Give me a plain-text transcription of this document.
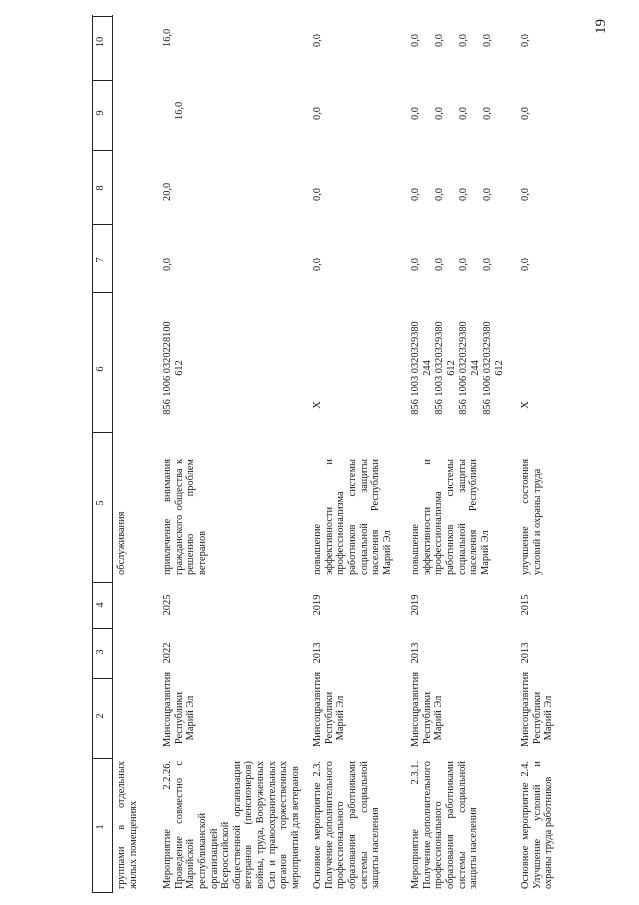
19
1
2
3
4
5
6
7
8
9
10
группами в отдельных жилых помещениях
обслуживания
Мероприятие 2.2.26. Проведение совместно с Марийской республиканской организацией Всероссийской общественной организации ветеранов (пенсионеров) войны, труда, Вооруженных Сил и правоохранительных органов торжественных мероприятий для ветеранов
Минсоцразвития Республики Марий Эл
2022
2025
привлечение внимания гражданского общества к решению проблем ветеранов
856 1006 0320228100 612
0,0
20,0
16,0
16,0
Основное мероприятие 2.3. Получение дополнительного профессионального образования работниками системы социальной защиты населения
Минсоцразвития Республики Марий Эл
2013
2019
повышение эффективности и профессионализма работников системы социальной защиты населения Республики Марий Эл
X
0,0
0,0
0,0
0,0
Мероприятие 2.3.1. Получение дополнительного профессионального образования работниками системы социальной защиты населения
Минсоцразвития Республики Марий Эл
2013
2019
повышение эффективности и профессионализма работников системы социальной защиты населения Республики Марий Эл
856 1003 0320329380 244 856 1003 0320329380 612 856 1006 0320329380 244 856 1006 0320329380 612
0,0
0,0
0,0
0,0
0,0
0,0
0,0
0,0
0,0
0,0
0,0
0,0
0,0
0,0
0,0
0,0
Основное мероприятие 2.4. Улучшение условий и охраны труда работников
Минсоцразвития Республики Марий Эл
2013
2015
улучшение состояния условий и охраны труда
X
0,0
0,0
0,0
0,0
